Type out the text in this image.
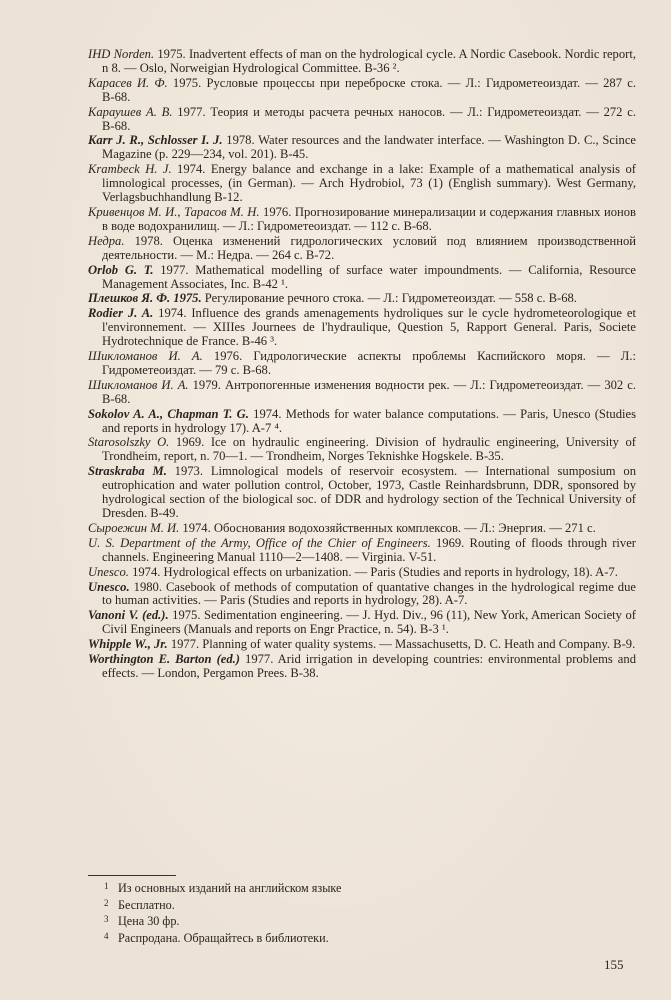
IHD Norden. 1975. Inadvertent effects of man on the hydrological cycle. A Nordic Casebook. Nordic report, n 8. — Oslo, Norweigian Hydrological Committee. B-36 ².

Карасев И. Ф. 1975. Русловые процессы при переброске стока. — Л.: Гидрометеоиздат. — 287 с. В-68.

Караушев А. В. 1977. Теория и методы расчета речных наносов. — Л.: Гидрометеоиздат. — 272 с. В-68.

Karr J. R., Schlosser I. J. 1978. Water resources and the landwater interface. — Washington D. C., Scince Magazine (p. 229—234, vol. 201). B-45.

Krambeck H. J. 1974. Energy balance and exchange in a lake: Example of a mathematical analysis of limnological processes, (in German). — Arch Hydrobiol, 73 (1) (English summary). West Germany, Verlagsbuchhandlung B-12.

Кривенцов М. И., Тарасов М. Н. 1976. Прогнозирование минерализации и содержания главных ионов в воде водохранилищ. — Л.: Гидрометеоиздат. — 112 с. В-68.

Недра. 1978. Оценка изменений гидрологических условий под влиянием производственной деятельности. — М.: Недра. — 264 с. В-72.

Orlob G. T. 1977. Mathematical modelling of surface water impoundments. — California, Resource Management Associates, Inc. B-42 ¹.

Плешков Я. Ф. 1975. Регулирование речного стока. — Л.: Гидрометеоиздат. — 558 с. В-68.

Rodier J. A. 1974. Influence des grands amenagements hydroliques sur le cycle hydrometeorologique et l'environnement. — XIIIes Journees de l'hydraulique, Question 5, Rapport General. Paris, Societe Hydrotechnique de France. B-46 ³.

Шикломанов И. А. 1976. Гидрологические аспекты проблемы Каспийского моря. — Л.: Гидрометеоиздат. — 79 с. В-68.

Шикломанов И. А. 1979. Антропогенные изменения водности рек. — Л.: Гидрометеоиздат. — 302 с. В-68.

Sokolov A. A., Chapman T. G. 1974. Methods for water balance computations. — Paris, Unesco (Studies and reports in hydrology 17). A-7 ⁴.

Starosolszky O. 1969. Ice on hydraulic engineering. Division of hydraulic engineering, University of Trondheim, report, n. 70—1. — Trondheim, Norges Teknishke Hogskele. B-35.

Straskraba M. 1973. Limnological models of reservoir ecosystem. — International sumposium on eutrophication and water pollution control, October, 1973, Castle Reinhardsbrunn, DDR, sponsored by hydrological section of the biological soc. of DDR and hydrology section of the Technical University of Dresden. B-49.

Сыроежин М. И. 1974. Обоснования водохозяйственных комплексов. — Л.: Энергия. — 271 с.

U. S. Department of the Army, Office of the Chier of Engineers. 1969. Routing of floods through river channels. Engineering Manual 1110—2—1408. — Virginia. V-51.

Unesco. 1974. Hydrological effects on urbanization. — Paris (Studies and reports in hydrology, 18). A-7.

Unesco. 1980. Casebook of methods of computation of quantative changes in the hydrological regime due to human activities. — Paris (Studies and reports in hydrology, 28). A-7.

Vanoni V. (ed.). 1975. Sedimentation engineering. — J. Hyd. Div., 96 (11), New York, American Society of Civil Engineers (Manuals and reports on Engr Practice, n. 54). B-3 ¹.

Whipple W., Jr. 1977. Planning of water quality systems. — Massachusetts, D. C. Heath and Company. B-9.

Worthington E. Barton (ed.) 1977. Arid irrigation in developing countries: environmental problems and effects. — London, Pergamon Prees. B-38.

1 Из основных изданий на английском языке
2 Бесплатно.
3 Цена 30 фр.
4 Распродана. Обращайтесь в библиотеки.
155
